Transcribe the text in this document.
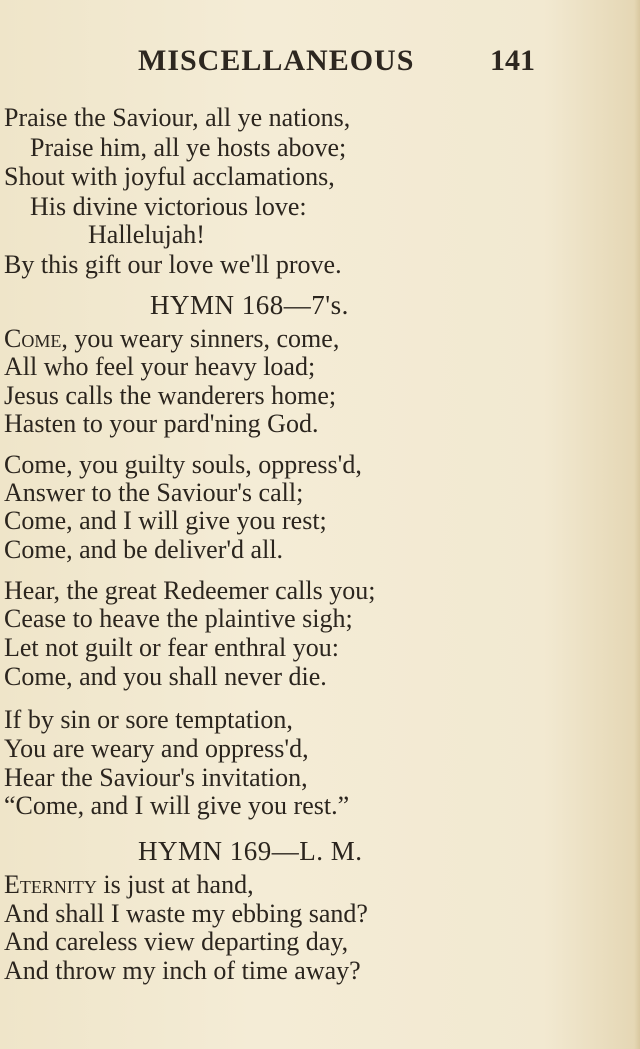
MISCELLANEOUS	141
Praise the Saviour, all ye nations,
Praise him, all ye hosts above;
Shout with joyful acclamations,
His divine victorious love:
Hallelujah!
By this gift our love we'll prove.
HYMN 168—7's.
Come, you weary sinners, come,
All who feel your heavy load;
Jesus calls the wanderers home;
Hasten to your pard'ning God.
Come, you guilty souls, oppress'd,
Answer to the Saviour's call;
Come, and I will give you rest;
Come, and be deliver'd all.
Hear, the great Redeemer calls you;
Cease to heave the plaintive sigh;
Let not guilt or fear enthral you:
Come, and you shall never die.
If by sin or sore temptation,
You are weary and oppress'd,
Hear the Saviour's invitation,
“Come, and I will give you rest.”
HYMN 169—L. M.
Eternity is just at hand,
And shall I waste my ebbing sand?
And careless view departing day,
And throw my inch of time away?
